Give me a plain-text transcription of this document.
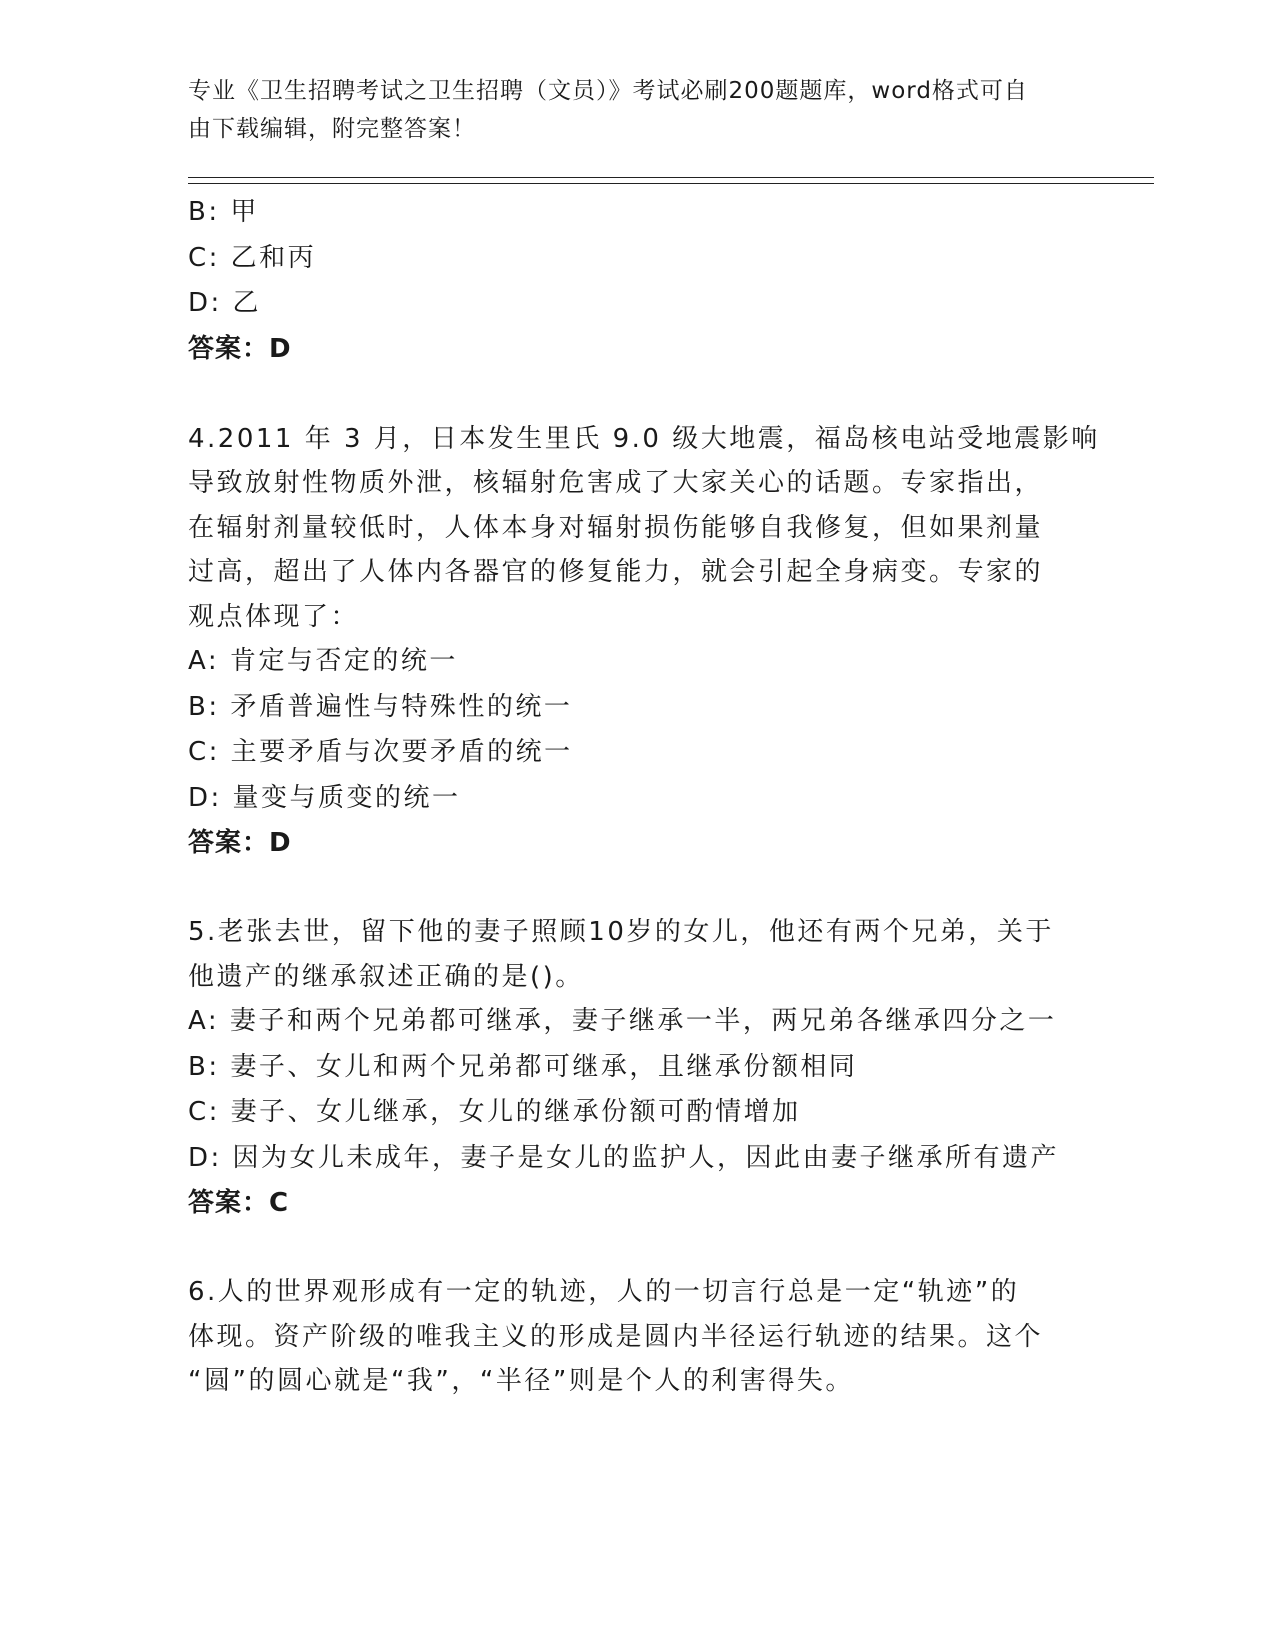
专业《卫生招聘考试之卫生招聘（文员）》考试必刷200题题库，word格式可自
由下载编辑，附完整答案！
B: 甲
C: 乙和丙
D: 乙
答案：D
4.2011 年 3 月，日本发生里氏 9.0 级大地震，福岛核电站受地震影响
导致放射性物质外泄，核辐射危害成了大家关心的话题。专家指出，
在辐射剂量较低时，人体本身对辐射损伤能够自我修复，但如果剂量
过高，超出了人体内各器官的修复能力，就会引起全身病变。专家的
观点体现了：
A: 肯定与否定的统一
B: 矛盾普遍性与特殊性的统一
C: 主要矛盾与次要矛盾的统一
D: 量变与质变的统一
答案：D
5.老张去世，留下他的妻子照顾10岁的女儿，他还有两个兄弟，关于
他遗产的继承叙述正确的是()。
A: 妻子和两个兄弟都可继承，妻子继承一半，两兄弟各继承四分之一
B: 妻子、女儿和两个兄弟都可继承，且继承份额相同
C: 妻子、女儿继承，女儿的继承份额可酌情增加
D: 因为女儿未成年，妻子是女儿的监护人，因此由妻子继承所有遗产
答案：C
6.人的世界观形成有一定的轨迹，人的一切言行总是一定“轨迹”的
体现。资产阶级的唯我主义的形成是圆内半径运行轨迹的结果。这个
“圆”的圆心就是“我”，“半径”则是个人的利害得失。
